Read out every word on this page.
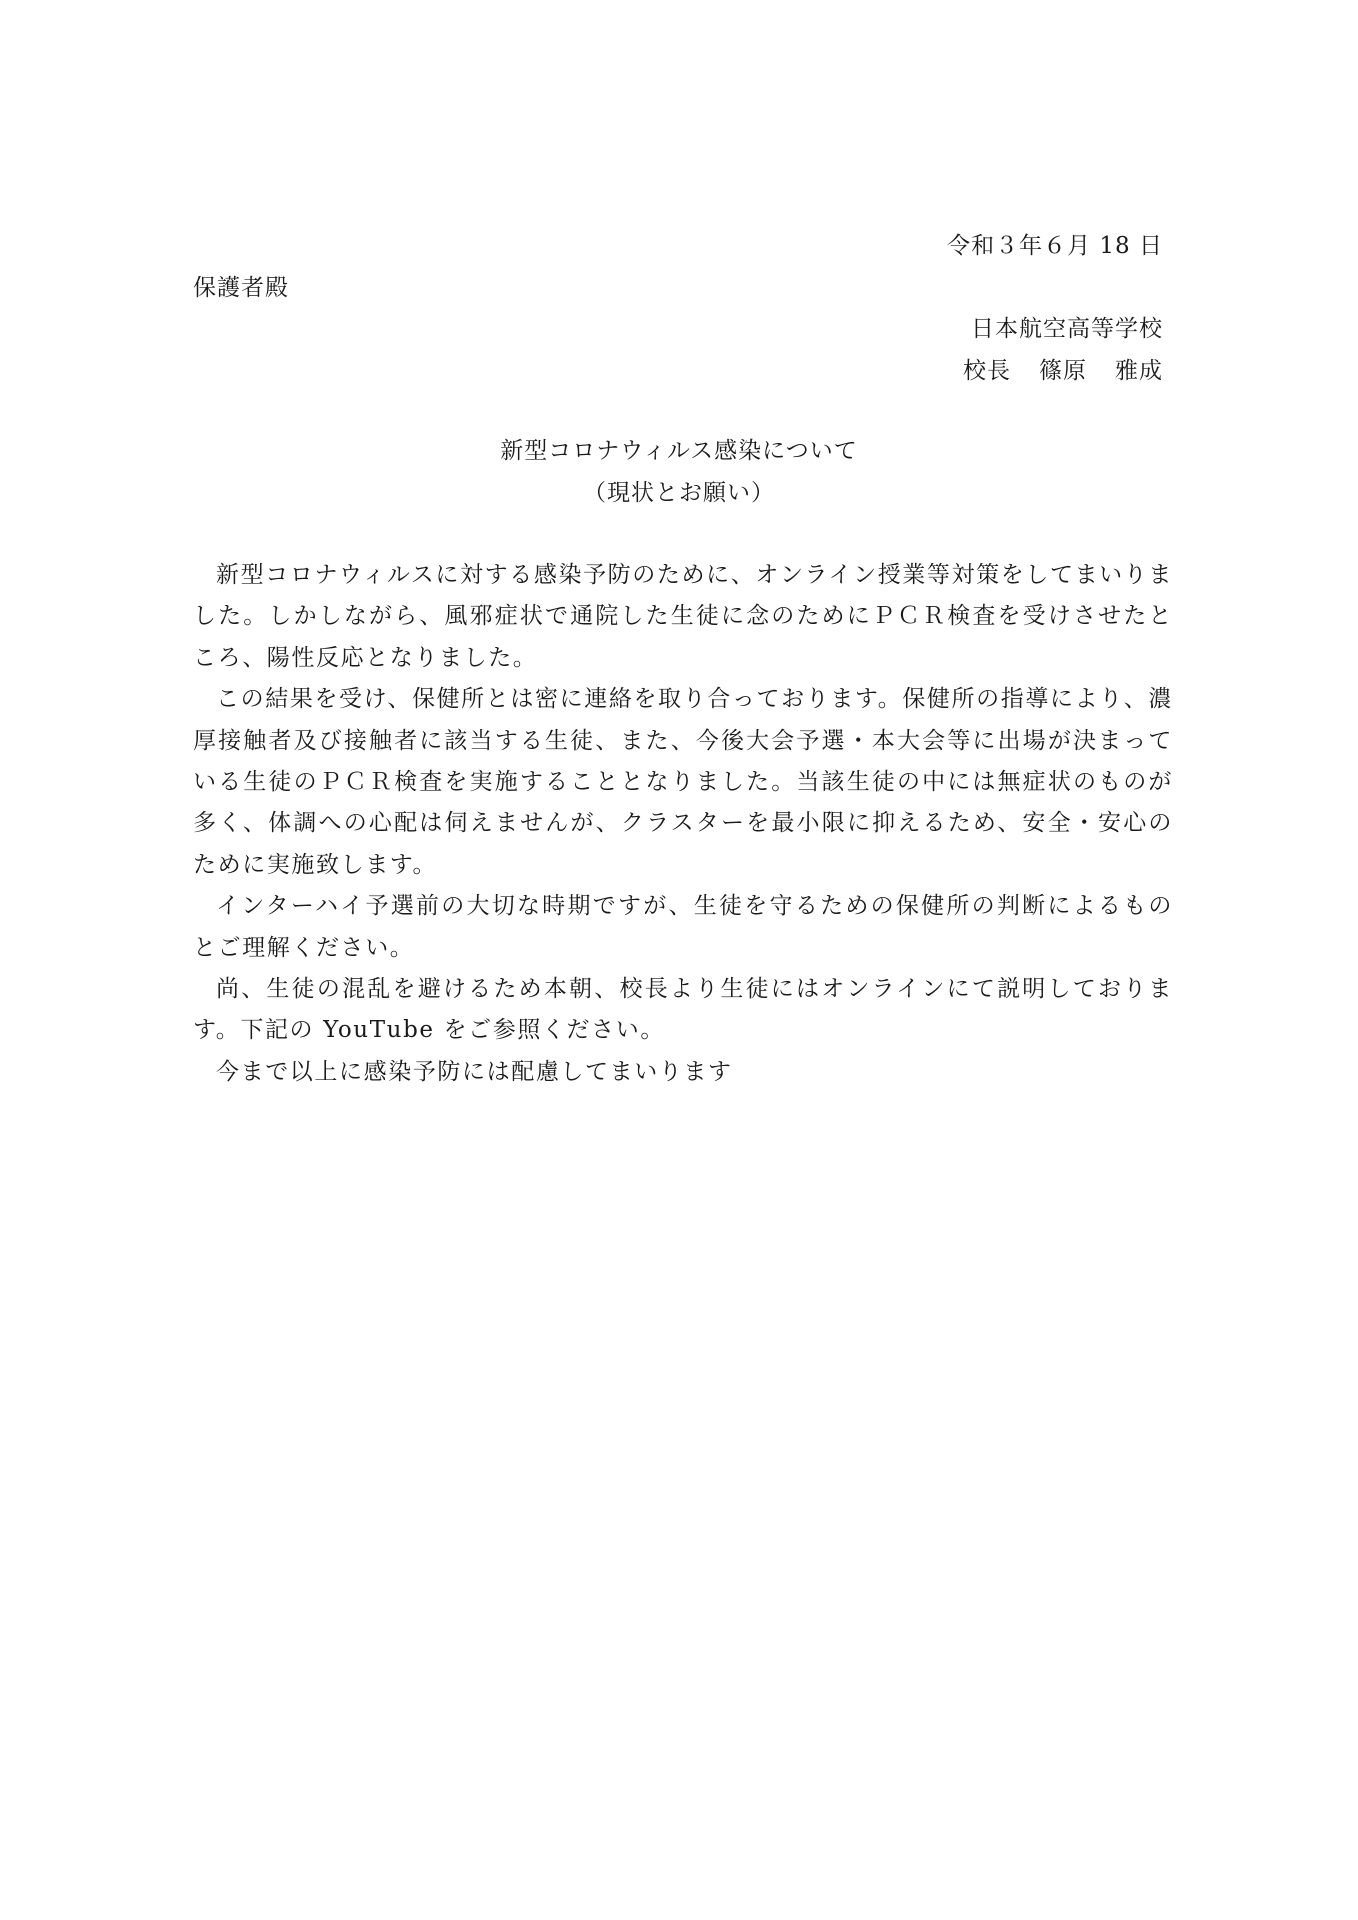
令和３年６月 18 日
保護者殿
日本航空高等学校
校長 篠原 雅成
新型コロナウィルス感染について
（現状とお願い）

新型コロナウィルスに対する感染予防のために、オンライン授業等対策をしてまいりました。しかしながら、風邪症状で通院した生徒に念のためにＰＣＲ検査を受けさせたところ、陽性反応となりました。

この結果を受け、保健所とは密に連絡を取り合っております。保健所の指導により、濃厚接触者及び接触者に該当する生徒、また、今後大会予選・本大会等に出場が決まっている生徒のＰＣＲ検査を実施することとなりました。当該生徒の中には無症状のものが多く、体調への心配は伺えませんが、クラスターを最小限に抑えるため、安全・安心のために実施致します。

インターハイ予選前の大切な時期ですが、生徒を守るための保健所の判断によるものとご理解ください。

尚、生徒の混乱を避けるため本朝、校長より生徒にはオンラインにて説明しております。下記の YouTube をご参照ください。

今まで以上に感染予防には配慮してまいります
